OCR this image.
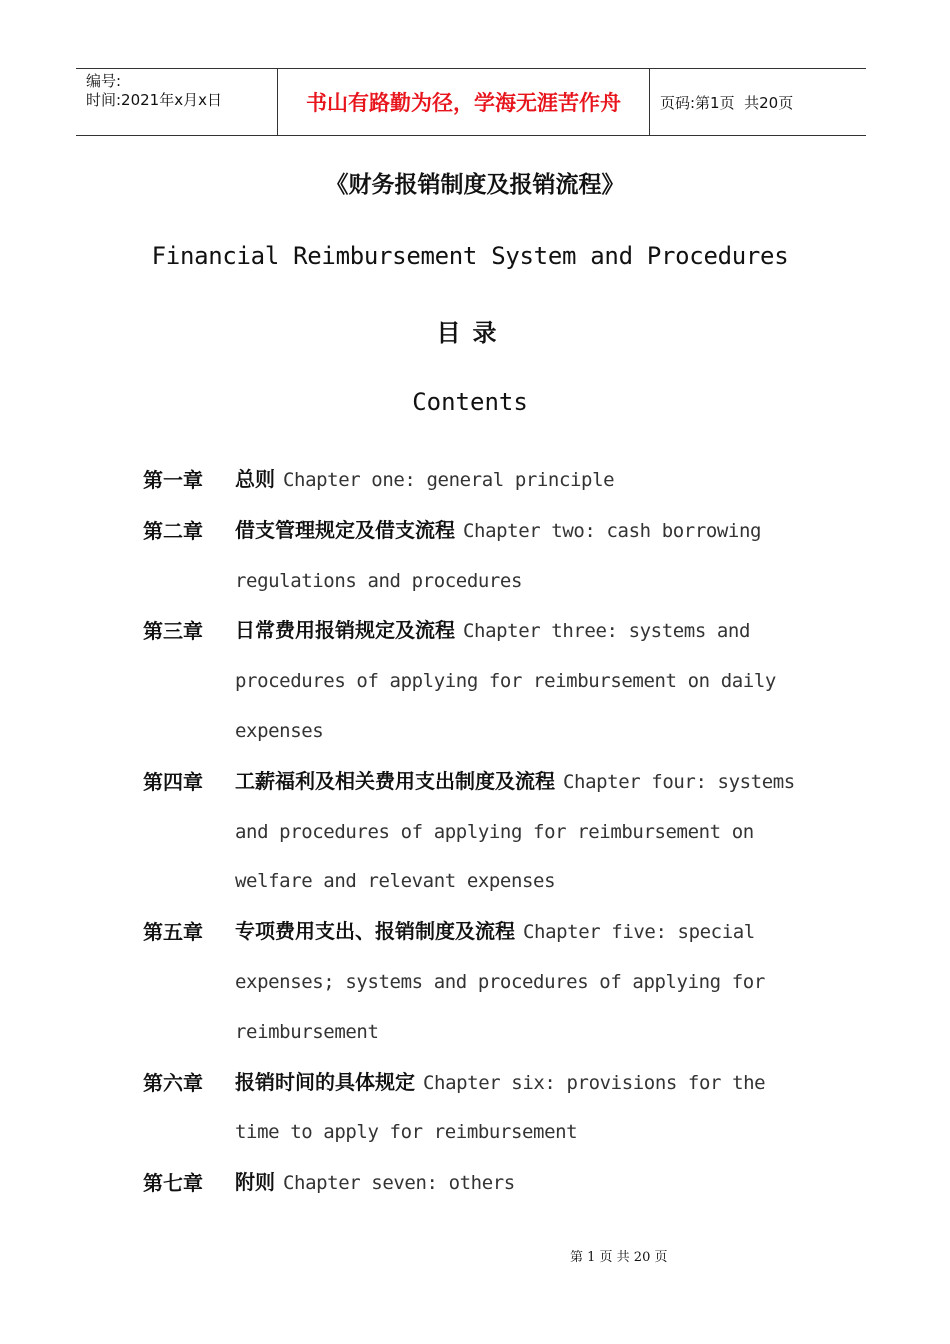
编号:
时间:2021年x月x日	书山有路勤为径，学海无涯苦作舟	页码:第1页  共20页
《财务报销制度及报销流程》
Financial Reimbursement System and Procedures
目录
Contents
第一章	总则 Chapter one: general principle
第二章	借支管理规定及借支流程 Chapter two: cash borrowing regulations and procedures
第三章	日常费用报销规定及流程 Chapter three: systems and procedures of applying for reimbursement on daily expenses
第四章	工薪福利及相关费用支出制度及流程 Chapter four: systems and procedures of applying for reimbursement on welfare and relevant expenses
第五章	专项费用支出、报销制度及流程 Chapter five: special expenses; systems and procedures of applying for reimbursement
第六章	报销时间的具体规定 Chapter six: provisions for the time to apply for reimbursement
第七章	附则 Chapter seven: others
第 1 页 共 20 页
